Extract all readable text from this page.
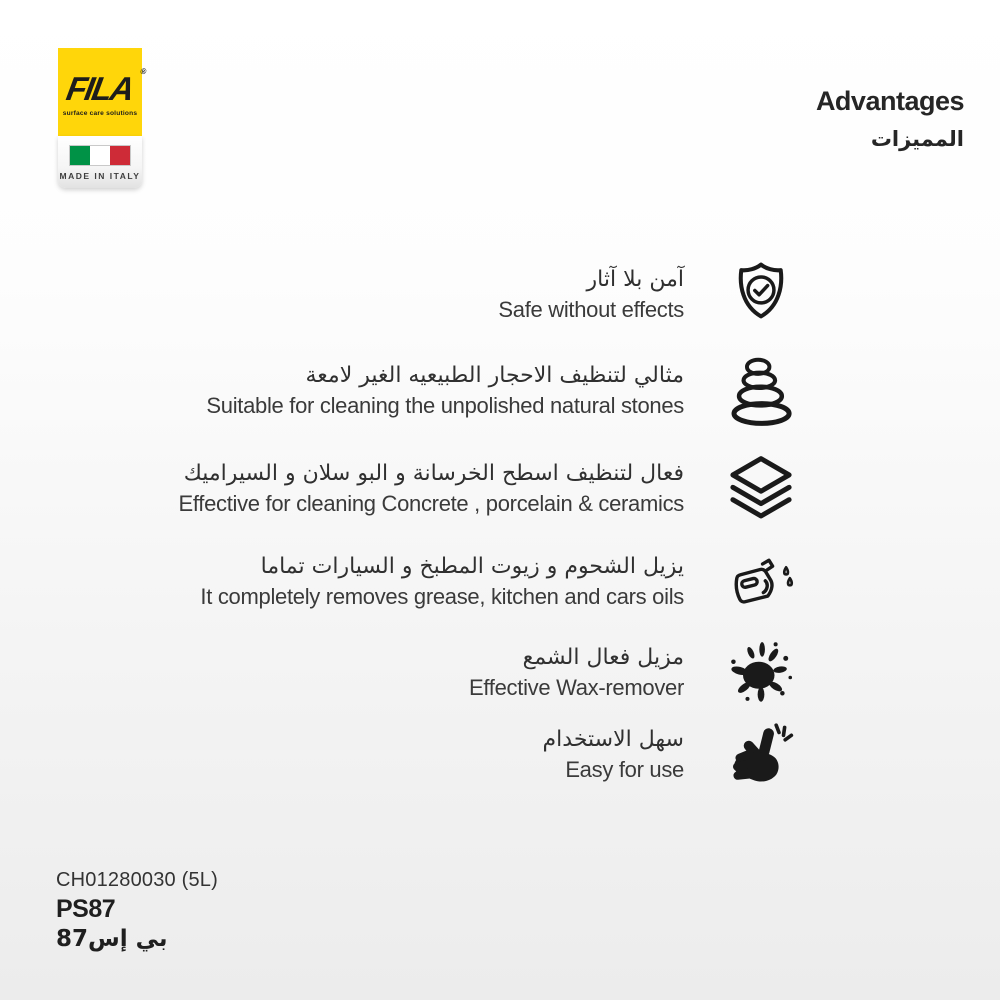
FILA ®
surface care solutions
MADE IN ITALY
Advantages
المميزات
آمن بلا آثار
Safe without effects
مثالي لتنظيف الاحجار الطبيعيه الغير لامعة
Suitable for cleaning the unpolished natural stones
فعال لتنظيف اسطح الخرسانة و البو سلان و السيراميك
Effective for cleaning Concrete , porcelain & ceramics
يزيل الشحوم و زيوت المطبخ و السيارات تماما
It completely removes grease, kitchen and cars oils
مزيل فعال الشمع
Effective Wax-remover
سهل الاستخدام
Easy for use
CH01280030 (5L)
PS87
بي إس87
